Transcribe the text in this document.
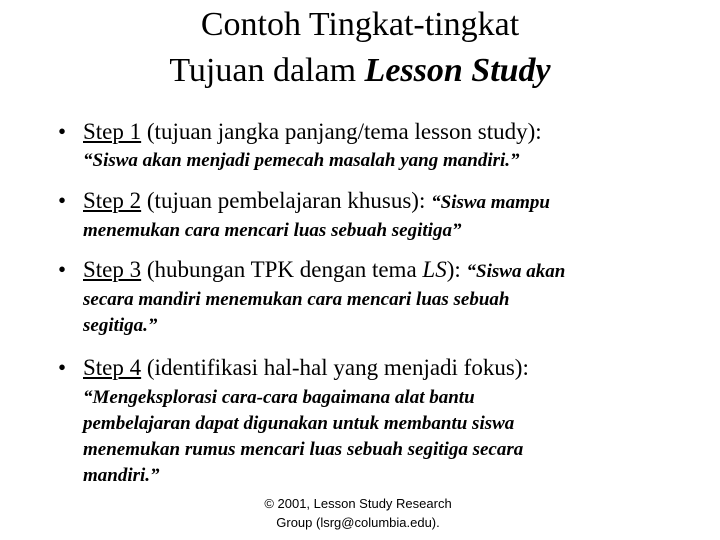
Contoh Tingkat-tingkat
Tujuan dalam Lesson Study
• Step 1 (tujuan jangka panjang/tema lesson study):
“Siswa akan menjadi pemecah masalah yang mandiri.”
• Step 2 (tujuan pembelajaran khusus): “Siswa mampu
menemukan cara mencari luas sebuah segitiga”
• Step 3 (hubungan TPK dengan tema LS): “Siswa akan
secara mandiri menemukan cara mencari luas sebuah
segitiga.”
• Step 4 (identifikasi hal-hal yang menjadi fokus):
“Mengeksplorasi cara-cara bagaimana alat bantu
pembelajaran dapat digunakan untuk membantu siswa
menemukan rumus mencari luas sebuah segitiga secara
mandiri.”
© 2001, Lesson Study Research
Group (lsrg@columbia.edu).
